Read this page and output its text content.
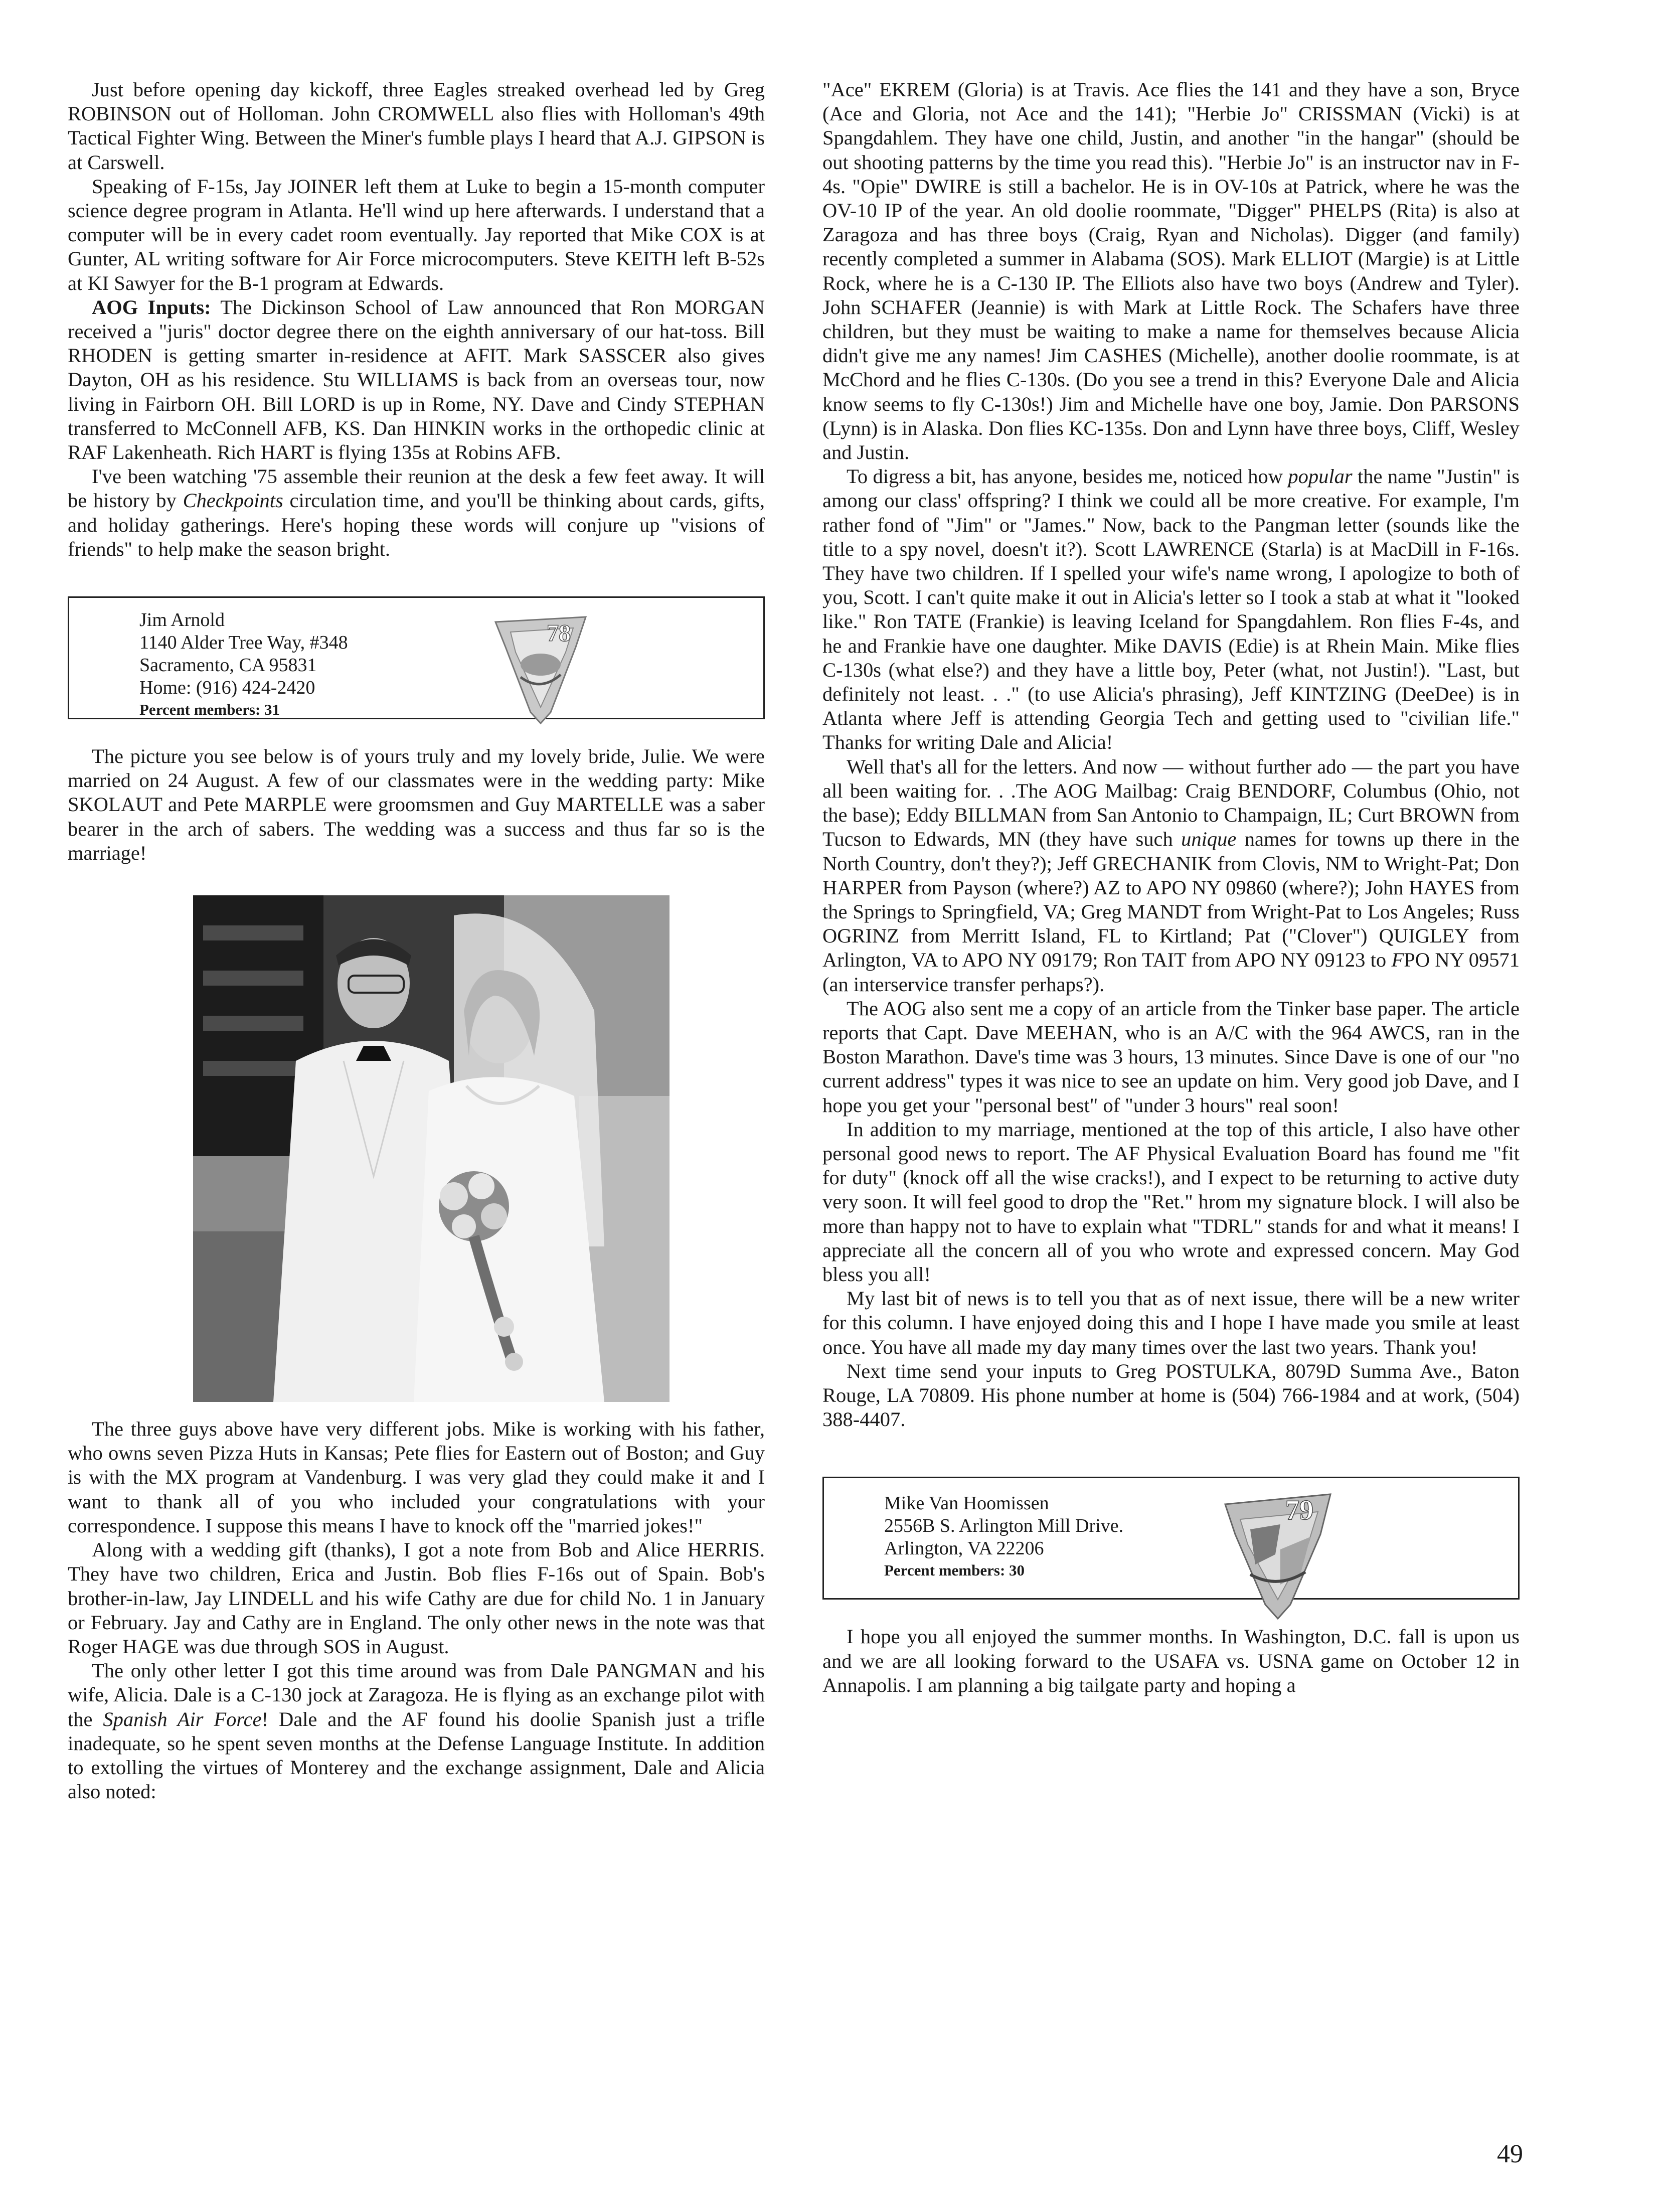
Just before opening day kickoff, three Eagles streaked overhead led by Greg ROBINSON out of Holloman. John CROMWELL also flies with Holloman's 49th Tactical Fighter Wing. Between the Miner's fumble plays I heard that A.J. GIPSON is at Carswell.

Speaking of F-15s, Jay JOINER left them at Luke to begin a 15-month computer science degree program in Atlanta. He'll wind up here afterwards. I understand that a computer will be in every cadet room eventually. Jay reported that Mike COX is at Gunter, AL writing software for Air Force microcomputers. Steve KEITH left B-52s at KI Sawyer for the B-1 program at Edwards.

AOG Inputs: The Dickinson School of Law announced that Ron MORGAN received a "juris" doctor degree there on the eighth anniversary of our hat-toss. Bill RHODEN is getting smarter in-residence at AFIT. Mark SASSCER also gives Dayton, OH as his residence. Stu WILLIAMS is back from an overseas tour, now living in Fairborn OH. Bill LORD is up in Rome, NY. Dave and Cindy STEPHAN transferred to McConnell AFB, KS. Dan HINKIN works in the orthopedic clinic at RAF Lakenheath. Rich HART is flying 135s at Robins AFB.

I've been watching '75 assemble their reunion at the desk a few feet away. It will be history by Checkpoints circulation time, and you'll be thinking about cards, gifts, and holiday gatherings. Here's hoping these words will conjure up "visions of friends" to help make the season bright.

Jim Arnold
1140 Alder Tree Way, #348
Sacramento, CA 95831
Home: (916) 424-2420
Percent members: 31
78

The picture you see below is of yours truly and my lovely bride, Julie. We were married on 24 August. A few of our classmates were in the wedding party: Mike SKOLAUT and Pete MARPLE were groomsmen and Guy MARTELLE was a saber bearer in the arch of sabers. The wedding was a success and thus far so is the marriage!

The three guys above have very different jobs. Mike is working with his father, who owns seven Pizza Huts in Kansas; Pete flies for Eastern out of Boston; and Guy is with the MX program at Vandenburg. I was very glad they could make it and I want to thank all of you who included your congratulations with your correspondence. I suppose this means I have to knock off the "married jokes!"

Along with a wedding gift (thanks), I got a note from Bob and Alice HERRIS. They have two children, Erica and Justin. Bob flies F-16s out of Spain. Bob's brother-in-law, Jay LINDELL and his wife Cathy are due for child No. 1 in January or February. Jay and Cathy are in England. The only other news in the note was that Roger HAGE was due through SOS in August.

The only other letter I got this time around was from Dale PANGMAN and his wife, Alicia. Dale is a C-130 jock at Zaragoza. He is flying as an exchange pilot with the Spanish Air Force! Dale and the AF found his doolie Spanish just a trifle inadequate, so he spent seven months at the Defense Language Institute. In addition to extolling the virtues of Monterey and the exchange assignment, Dale and Alicia also noted:

"Ace" EKREM (Gloria) is at Travis. Ace flies the 141 and they have a son, Bryce (Ace and Gloria, not Ace and the 141); "Herbie Jo" CRISSMAN (Vicki) is at Spangdahlem. They have one child, Justin, and another "in the hangar" (should be out shooting patterns by the time you read this). "Herbie Jo" is an instructor nav in F-4s. "Opie" DWIRE is still a bachelor. He is in OV-10s at Patrick, where he was the OV-10 IP of the year. An old doolie roommate, "Digger" PHELPS (Rita) is also at Zaragoza and has three boys (Craig, Ryan and Nicholas). Digger (and family) recently completed a summer in Alabama (SOS). Mark ELLIOT (Margie) is at Little Rock, where he is a C-130 IP. The Elliots also have two boys (Andrew and Tyler). John SCHAFER (Jeannie) is with Mark at Little Rock. The Schafers have three children, but they must be waiting to make a name for themselves because Alicia didn't give me any names! Jim CASHES (Michelle), another doolie roommate, is at McChord and he flies C-130s. (Do you see a trend in this? Everyone Dale and Alicia know seems to fly C-130s!) Jim and Michelle have one boy, Jamie. Don PARSONS (Lynn) is in Alaska. Don flies KC-135s. Don and Lynn have three boys, Cliff, Wesley and Justin.

To digress a bit, has anyone, besides me, noticed how popular the name "Justin" is among our class' offspring? I think we could all be more creative. For example, I'm rather fond of "Jim" or "James." Now, back to the Pangman letter (sounds like the title to a spy novel, doesn't it?). Scott LAWRENCE (Starla) is at MacDill in F-16s. They have two children. If I spelled your wife's name wrong, I apologize to both of you, Scott. I can't quite make it out in Alicia's letter so I took a stab at what it "looked like." Ron TATE (Frankie) is leaving Iceland for Spangdahlem. Ron flies F-4s, and he and Frankie have one daughter. Mike DAVIS (Edie) is at Rhein Main. Mike flies C-130s (what else?) and they have a little boy, Peter (what, not Justin!). "Last, but definitely not least. . ." (to use Alicia's phrasing), Jeff KINTZING (DeeDee) is in Atlanta where Jeff is attending Georgia Tech and getting used to "civilian life." Thanks for writing Dale and Alicia!

Well that's all for the letters. And now — without further ado — the part you have all been waiting for. . .The AOG Mailbag: Craig BENDORF, Columbus (Ohio, not the base); Eddy BILLMAN from San Antonio to Champaign, IL; Curt BROWN from Tucson to Edwards, MN (they have such unique names for towns up there in the North Country, don't they?); Jeff GRECHANIK from Clovis, NM to Wright-Pat; Don HARPER from Payson (where?) AZ to APO NY 09860 (where?); John HAYES from the Springs to Springfield, VA; Greg MANDT from Wright-Pat to Los Angeles; Russ OGRINZ from Merritt Island, FL to Kirtland; Pat ("Clover") QUIGLEY from Arlington, VA to APO NY 09179; Ron TAIT from APO NY 09123 to FPO NY 09571 (an interservice transfer perhaps?).

The AOG also sent me a copy of an article from the Tinker base paper. The article reports that Capt. Dave MEEHAN, who is an A/C with the 964 AWCS, ran in the Boston Marathon. Dave's time was 3 hours, 13 minutes. Since Dave is one of our "no current address" types it was nice to see an update on him. Very good job Dave, and I hope you get your "personal best" of "under 3 hours" real soon!

In addition to my marriage, mentioned at the top of this article, I also have other personal good news to report. The AF Physical Evaluation Board has found me "fit for duty" (knock off all the wise cracks!), and I expect to be returning to active duty very soon. It will feel good to drop the "Ret." hrom my signature block. I will also be more than happy not to have to explain what "TDRL" stands for and what it means! I appreciate all the concern all of you who wrote and expressed concern. May God bless you all!

My last bit of news is to tell you that as of next issue, there will be a new writer for this column. I have enjoyed doing this and I hope I have made you smile at least once. You have all made my day many times over the last two years. Thank you!

Next time send your inputs to Greg POSTULKA, 8079D Summa Ave., Baton Rouge, LA 70809. His phone number at home is (504) 766-1984 and at work, (504) 388-4407.

Mike Van Hoomissen
2556B S. Arlington Mill Drive.
Arlington, VA 22206
Percent members: 30
79

I hope you all enjoyed the summer months. In Washington, D.C. fall is upon us and we are all looking forward to the USAFA vs. USNA game on October 12 in Annapolis. I am planning a big tailgate party and hoping a

49
